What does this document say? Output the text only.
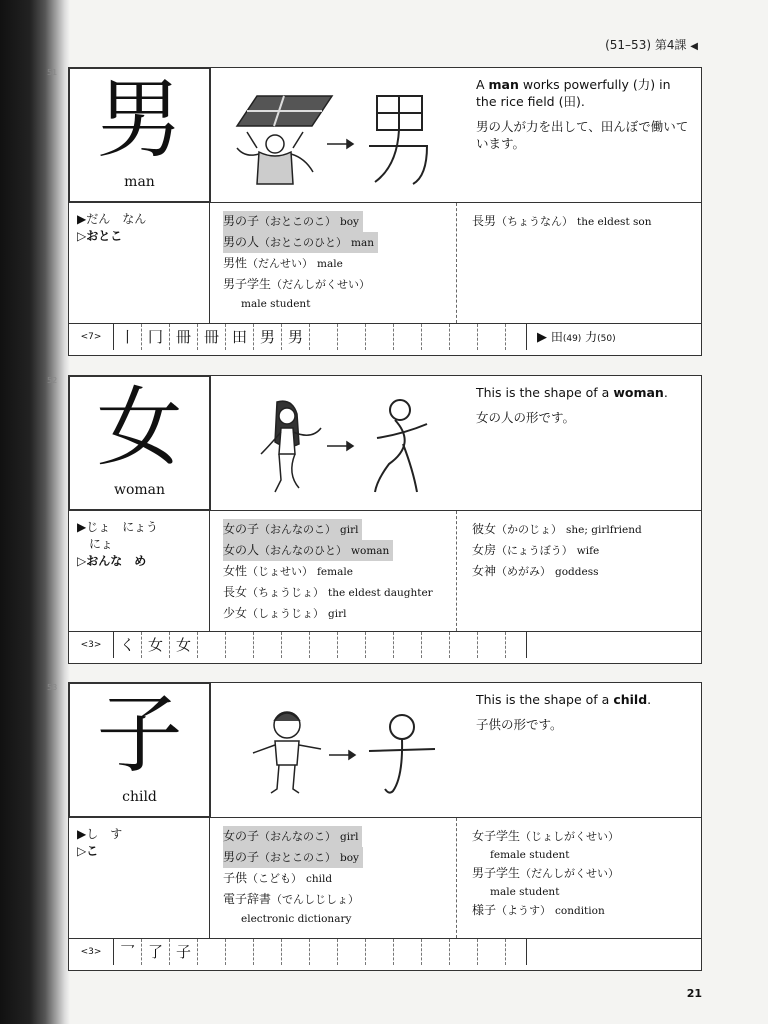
(51–53) 第4課 ◀
51 男
man
A man works powerfully (力) in the rice field (田).
男の人が力を出して、田んぼで働いています。
▶だん　なん
▷おとこ
男の子（おとこのこ） boy
男の人（おとこのひと） man
男性（だんせい） male
男子学生（だんしがくせい）
male student
長男（ちょうなん） the eldest son
<7>	丨 冂 冊 冊 田 男 男	▶ 田(49) 力(50)
52 女
woman
This is the shape of a woman.
女の人の形です。
▶じょ　にょう
　にょ
▷おんな　め
女の子（おんなのこ） girl
女の人（おんなのひと） woman
女性（じょせい） female
長女（ちょうじょ） the eldest daughter
少女（しょうじょ） girl
彼女（かのじょ） she; girlfriend
女房（にょうぼう） wife
女神（めがみ） goddess
<3>	く 女 女
53 子
child
This is the shape of a child.
子供の形です。
▶し　す
▷こ
女の子（おんなのこ） girl
男の子（おとこのこ） boy
子供（こども） child
電子辞書（でんしじしょ）
electronic dictionary
女子学生（じょしがくせい）
female student
男子学生（だんしがくせい）
male student
様子（ようす） condition
<3>	乛 了 子
21
